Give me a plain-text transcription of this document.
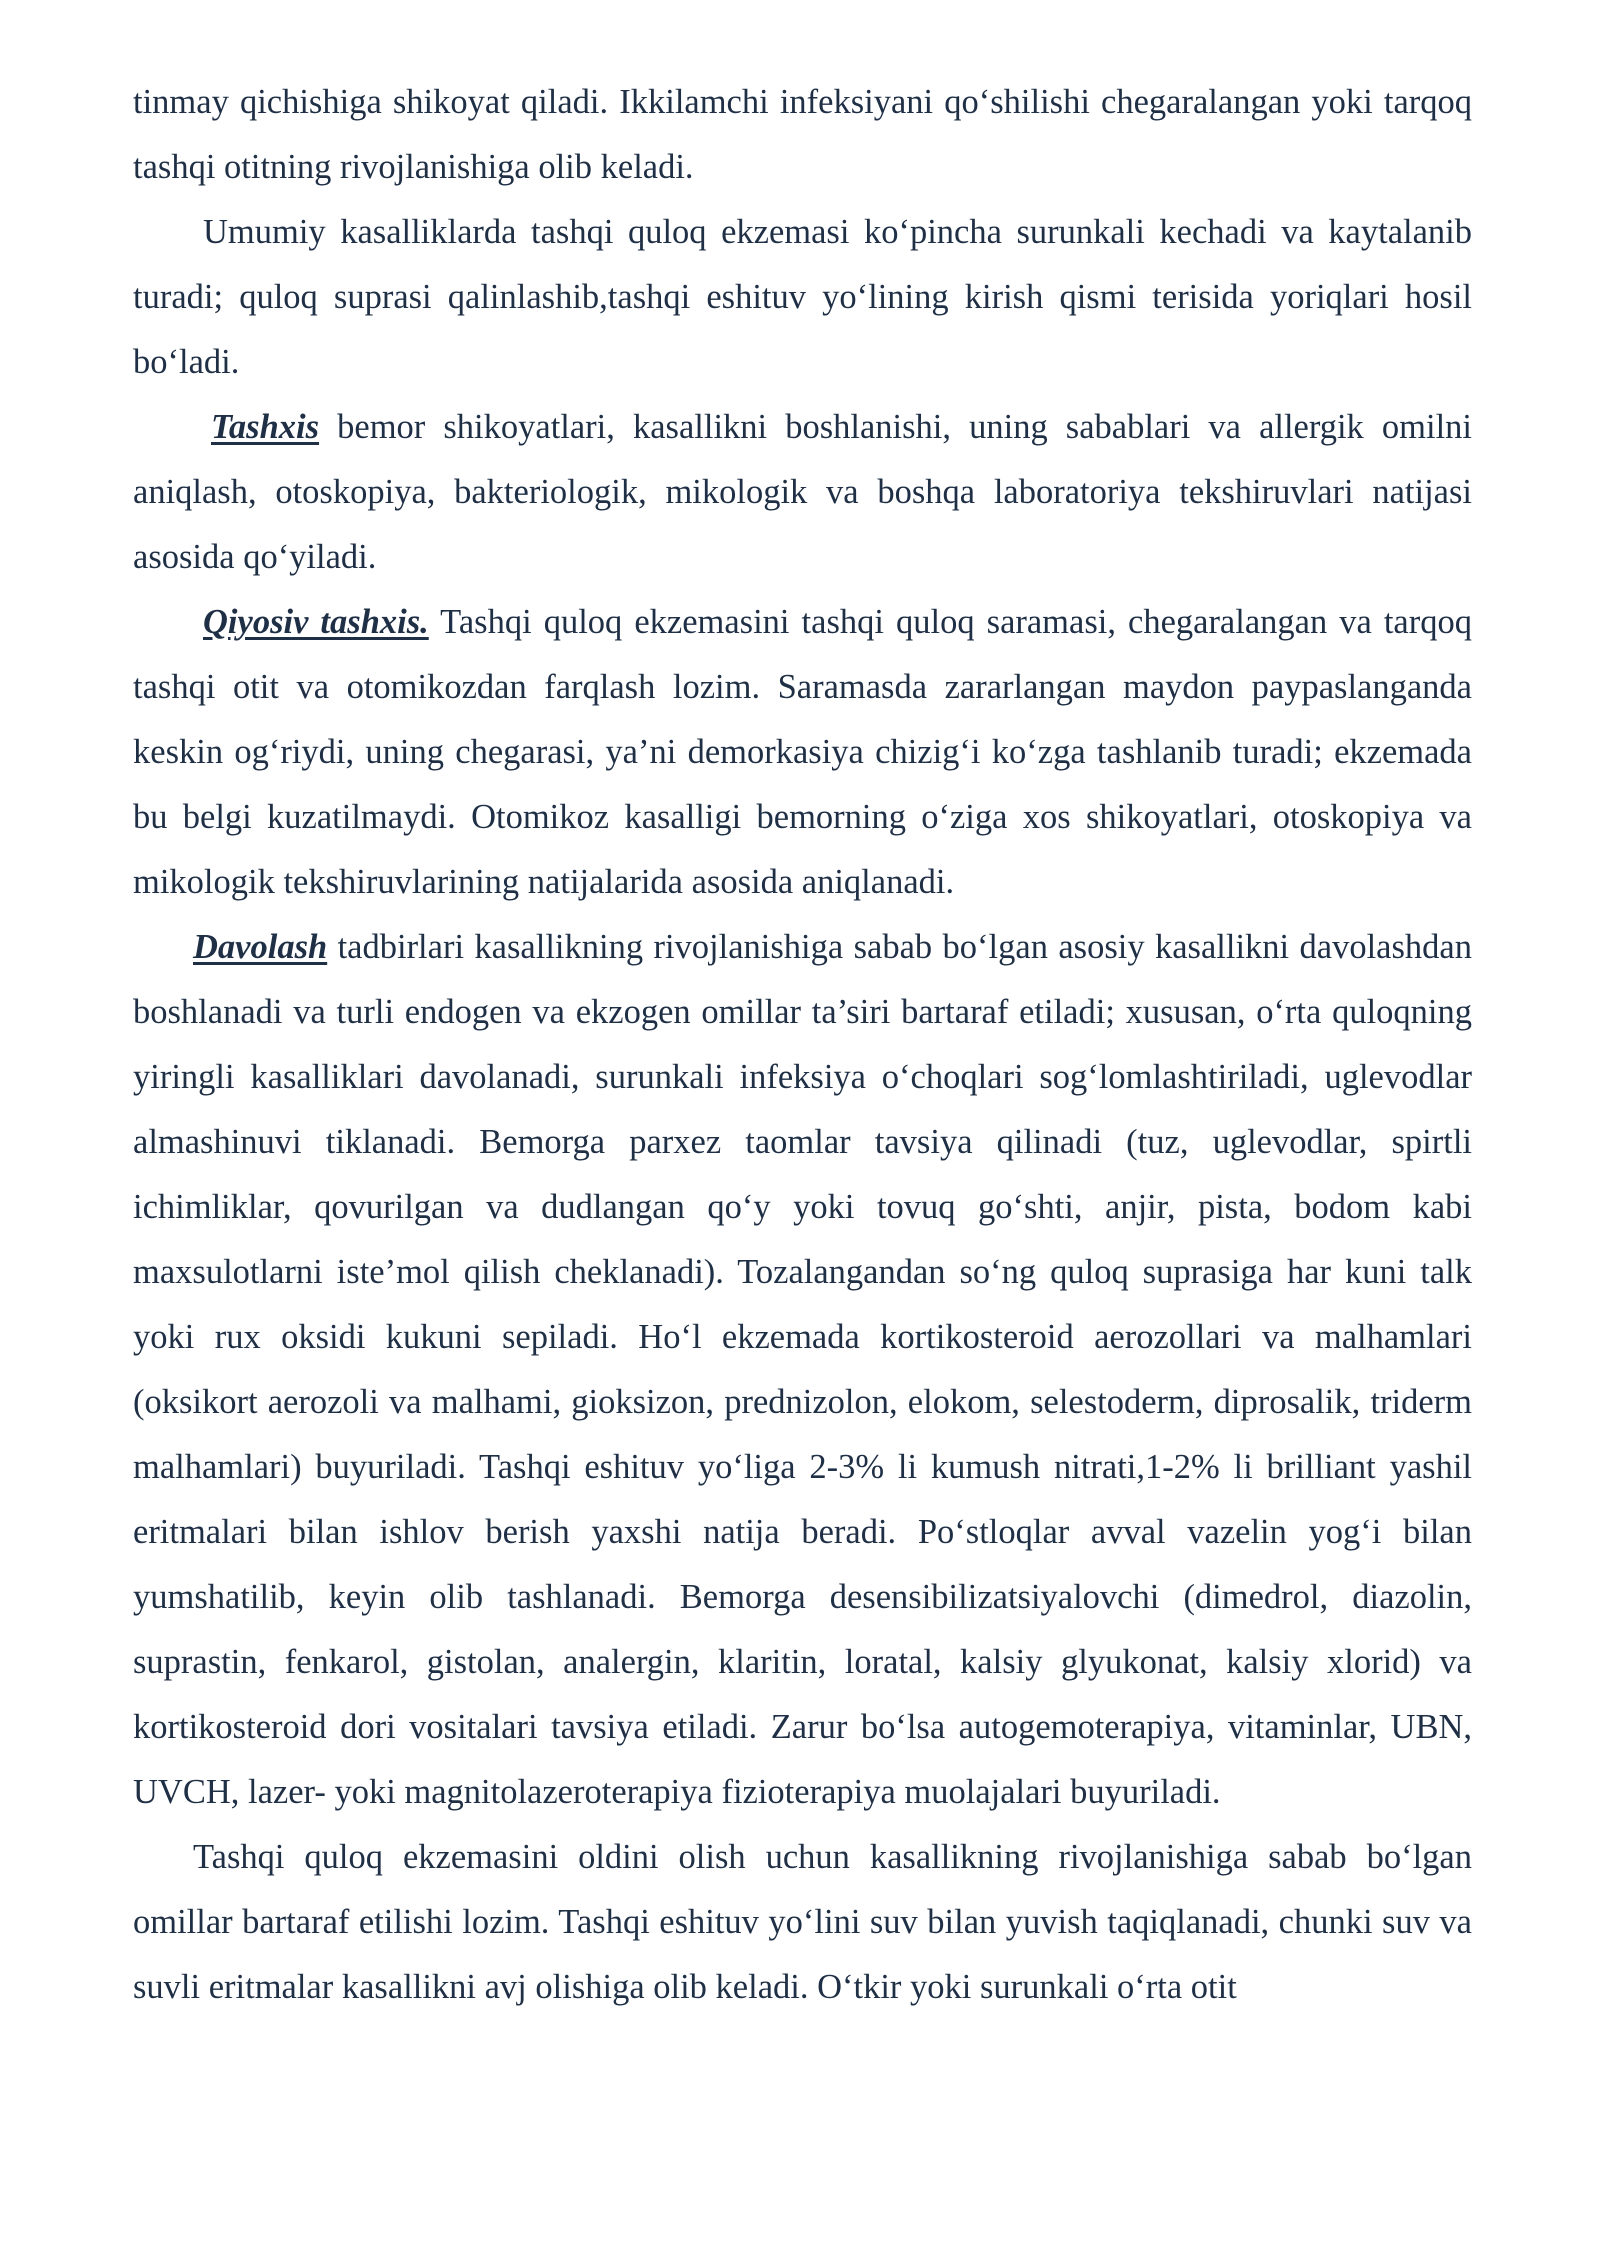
tinmay qichishiga shikoyat qiladi. Ikkilamchi infeksiyani qo‘shilishi chegaralangan yoki tarqoq tashqi otitning rivojlanishiga olib keladi.

Umumiy kasalliklarda tashqi quloq ekzemasi ko‘pincha surunkali kechadi va kaytalanib turadi; quloq suprasi qalinlashib,tashqi eshituv yo‘lining kirish qismi terisida yoriqlari hosil bo‘ladi.

Tashxis bemor shikoyatlari, kasallikni boshlanishi, uning sabablari va allergik omilni aniqlash, otoskopiya, bakteriologik, mikologik va boshqa laboratoriya tekshiruvlari natijasi asosida qo‘yiladi.

Qiyosiv tashxis. Tashqi quloq ekzemasini tashqi quloq saramasi, chegaralangan va tarqoq tashqi otit va otomikozdan farqlash lozim. Saramasda zararlangan maydon paypaslanganda keskin og‘riydi, uning chegarasi, ya’ni demorkasiya chizig‘i ko‘zga tashlanib turadi; ekzemada bu belgi kuzatilmaydi. Otomikoz kasalligi bemorning o‘ziga xos shikoyatlari, otoskopiya va mikologik tekshiruvlarining natijalarida asosida aniqlanadi.

Davolash tadbirlari kasallikning rivojlanishiga sabab bo‘lgan asosiy kasallikni davolashdan boshlanadi va turli endogen va ekzogen omillar ta’siri bartaraf etiladi; xususan, o‘rta quloqning yiringli kasalliklari davolanadi, surunkali infeksiya o‘choqlari sog‘lomlashtiriladi, uglevodlar almashinuvi tiklanadi. Bemorga parxez taomlar tavsiya qilinadi (tuz, uglevodlar, spirtli ichimliklar, qovurilgan va dudlangan qo‘y yoki tovuq go‘shti, anjir, pista, bodom kabi maxsulotlarni iste’mol qilish cheklanadi). Tozalangandan so‘ng quloq suprasiga har kuni talk yoki rux oksidi kukuni sepiladi. Ho‘l ekzemada kortikosteroid aerozollari va malhamlari (oksikort aerozoli va malhami, gioksizon, prednizolon, elokom, selestoderm, diprosalik, triderm malhamlari) buyuriladi. Tashqi eshituv yo‘liga 2-3% li kumush nitrati,1-2% li brilliant yashil eritmalari bilan ishlov berish yaxshi natija beradi. Po‘stloqlar avval vazelin yog‘i bilan yumshatilib, keyin olib tashlanadi. Bemorga desensibilizatsiyalovchi (dimedrol, diazolin, suprastin, fenkarol, gistolan, analergin, klaritin, loratal, kalsiy glyukonat, kalsiy xlorid) va kortikosteroid dori vositalari tavsiya etiladi. Zarur bo‘lsa autogemoterapiya, vitaminlar, UBN, UVCH, lazer- yoki magnitolazeroterapiya fizioterapiya muolajalari buyuriladi.

Tashqi quloq ekzemasini oldini olish uchun kasallikning rivojlanishiga sabab bo‘lgan omillar bartaraf etilishi lozim. Tashqi eshituv yo‘lini suv bilan yuvish taqiqlanadi, chunki suv va suvli eritmalar kasallikni avj olishiga olib keladi. O‘tkir yoki surunkali o‘rta otit
